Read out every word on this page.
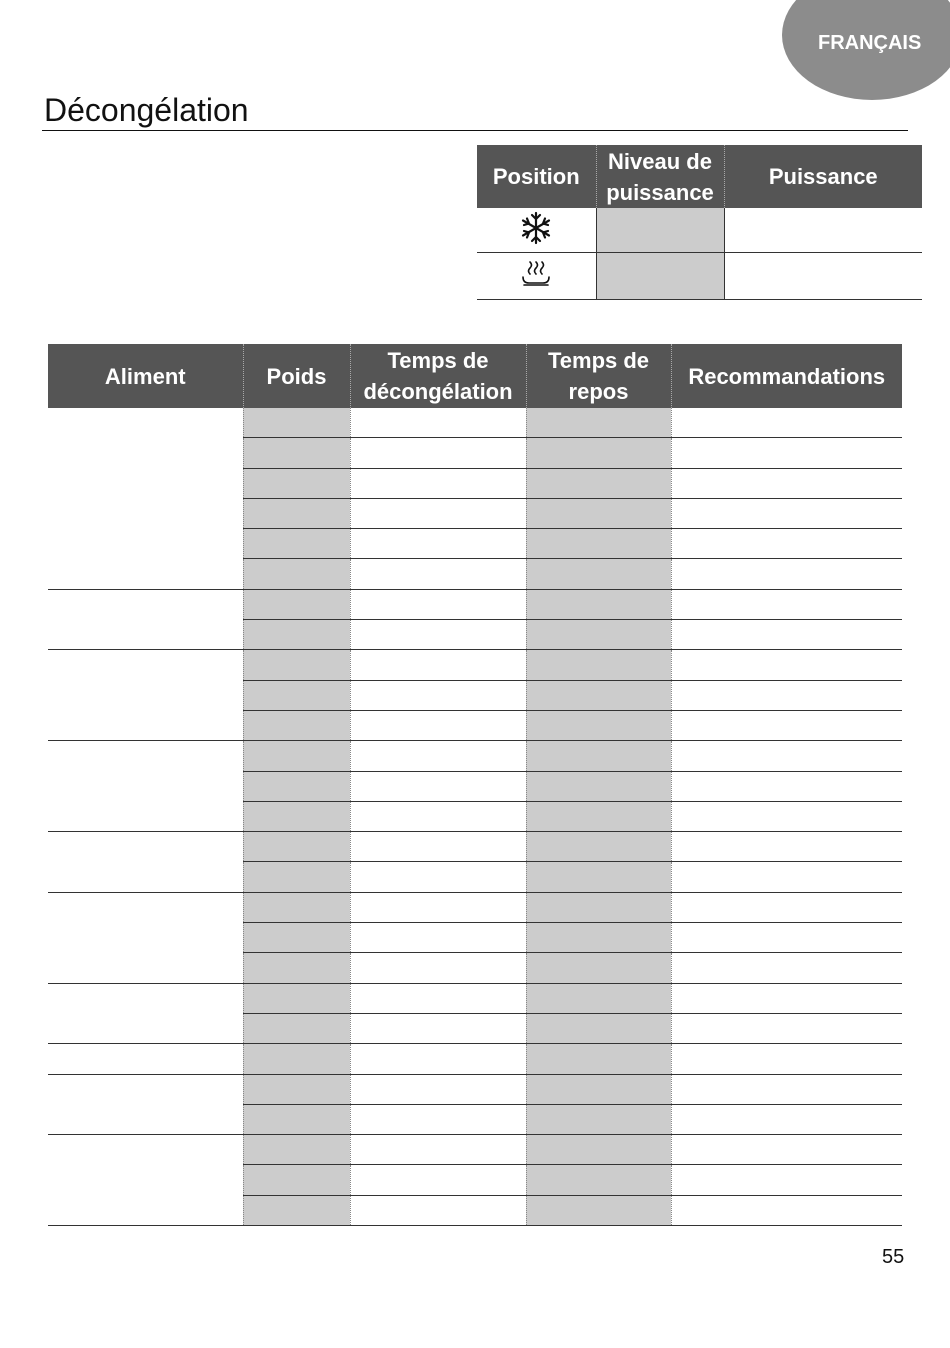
FRANÇAIS
Décongélation
Position	Niveau de puissance	Puissance

Aliment	Poids	Temps de décongélation	Temps de repos	Recommandations

55
